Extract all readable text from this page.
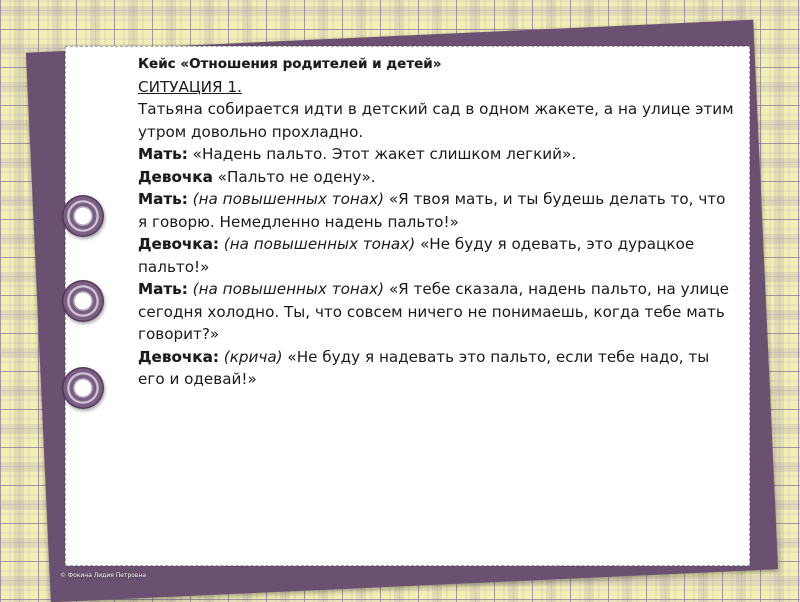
Кейс «Отношения родителей и детей»

СИТУАЦИЯ 1.

Татьяна собирается идти в детский сад в одном жакете, а на улице этим утром довольно прохладно.

Мать: «Надень пальто. Этот жакет слишком легкий».

Девочка «Пальто не одену».

Мать: (на повышенных тонах) «Я твоя мать, и ты будешь делать то, что я говорю. Немедленно надень пальто!»

Девочка: (на повышенных тонах) «Не буду я одевать, это дурацкое пальто!»

Мать: (на повышенных тонах) «Я тебе сказала, надень пальто, на улице сегодня холодно. Ты, что совсем ничего не понимаешь, когда тебе мать говорит?»

Девочка: (крича) «Не буду я надевать это пальто, если тебе надо, ты его и одевай!»

© Фокина Лидия Петровна
